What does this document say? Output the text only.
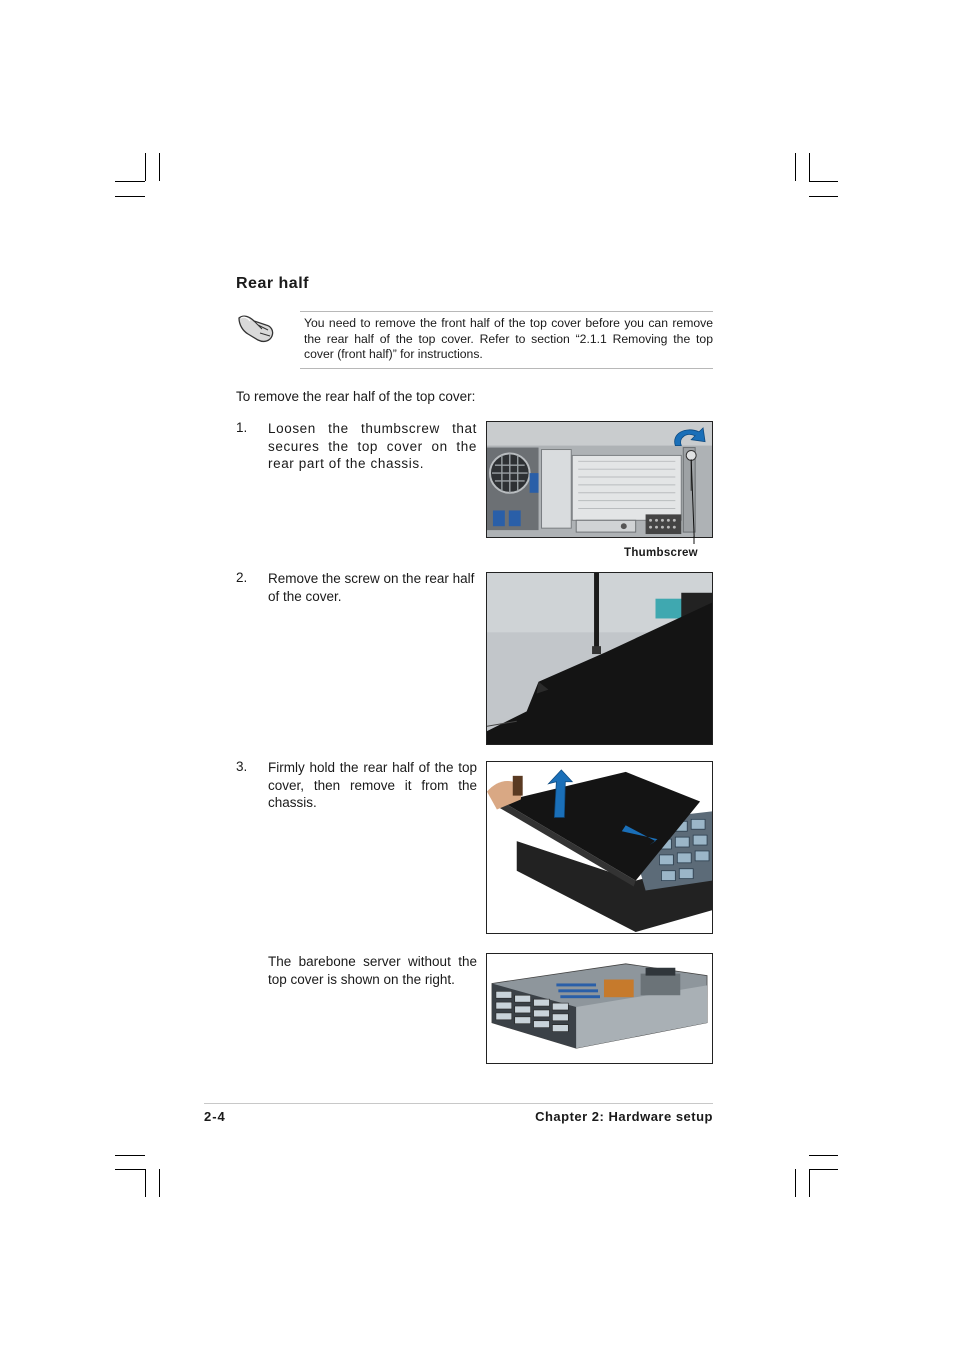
Rear half
You need to remove the front half of the top cover before you can remove the rear half of the top cover. Refer to section “2.1.1 Removing the top cover (front half)” for instructions.
To remove the rear half of the top cover:
1. Loosen the thumbscrew that secures the top cover on the rear part of the chassis.
Thumbscrew
2. Remove the screw on the rear half of the cover.
3. Firmly hold the rear half of the top cover, then remove it from the chassis.
The barebone server without the top cover is shown on the right.
2-4	Chapter 2: Hardware setup
